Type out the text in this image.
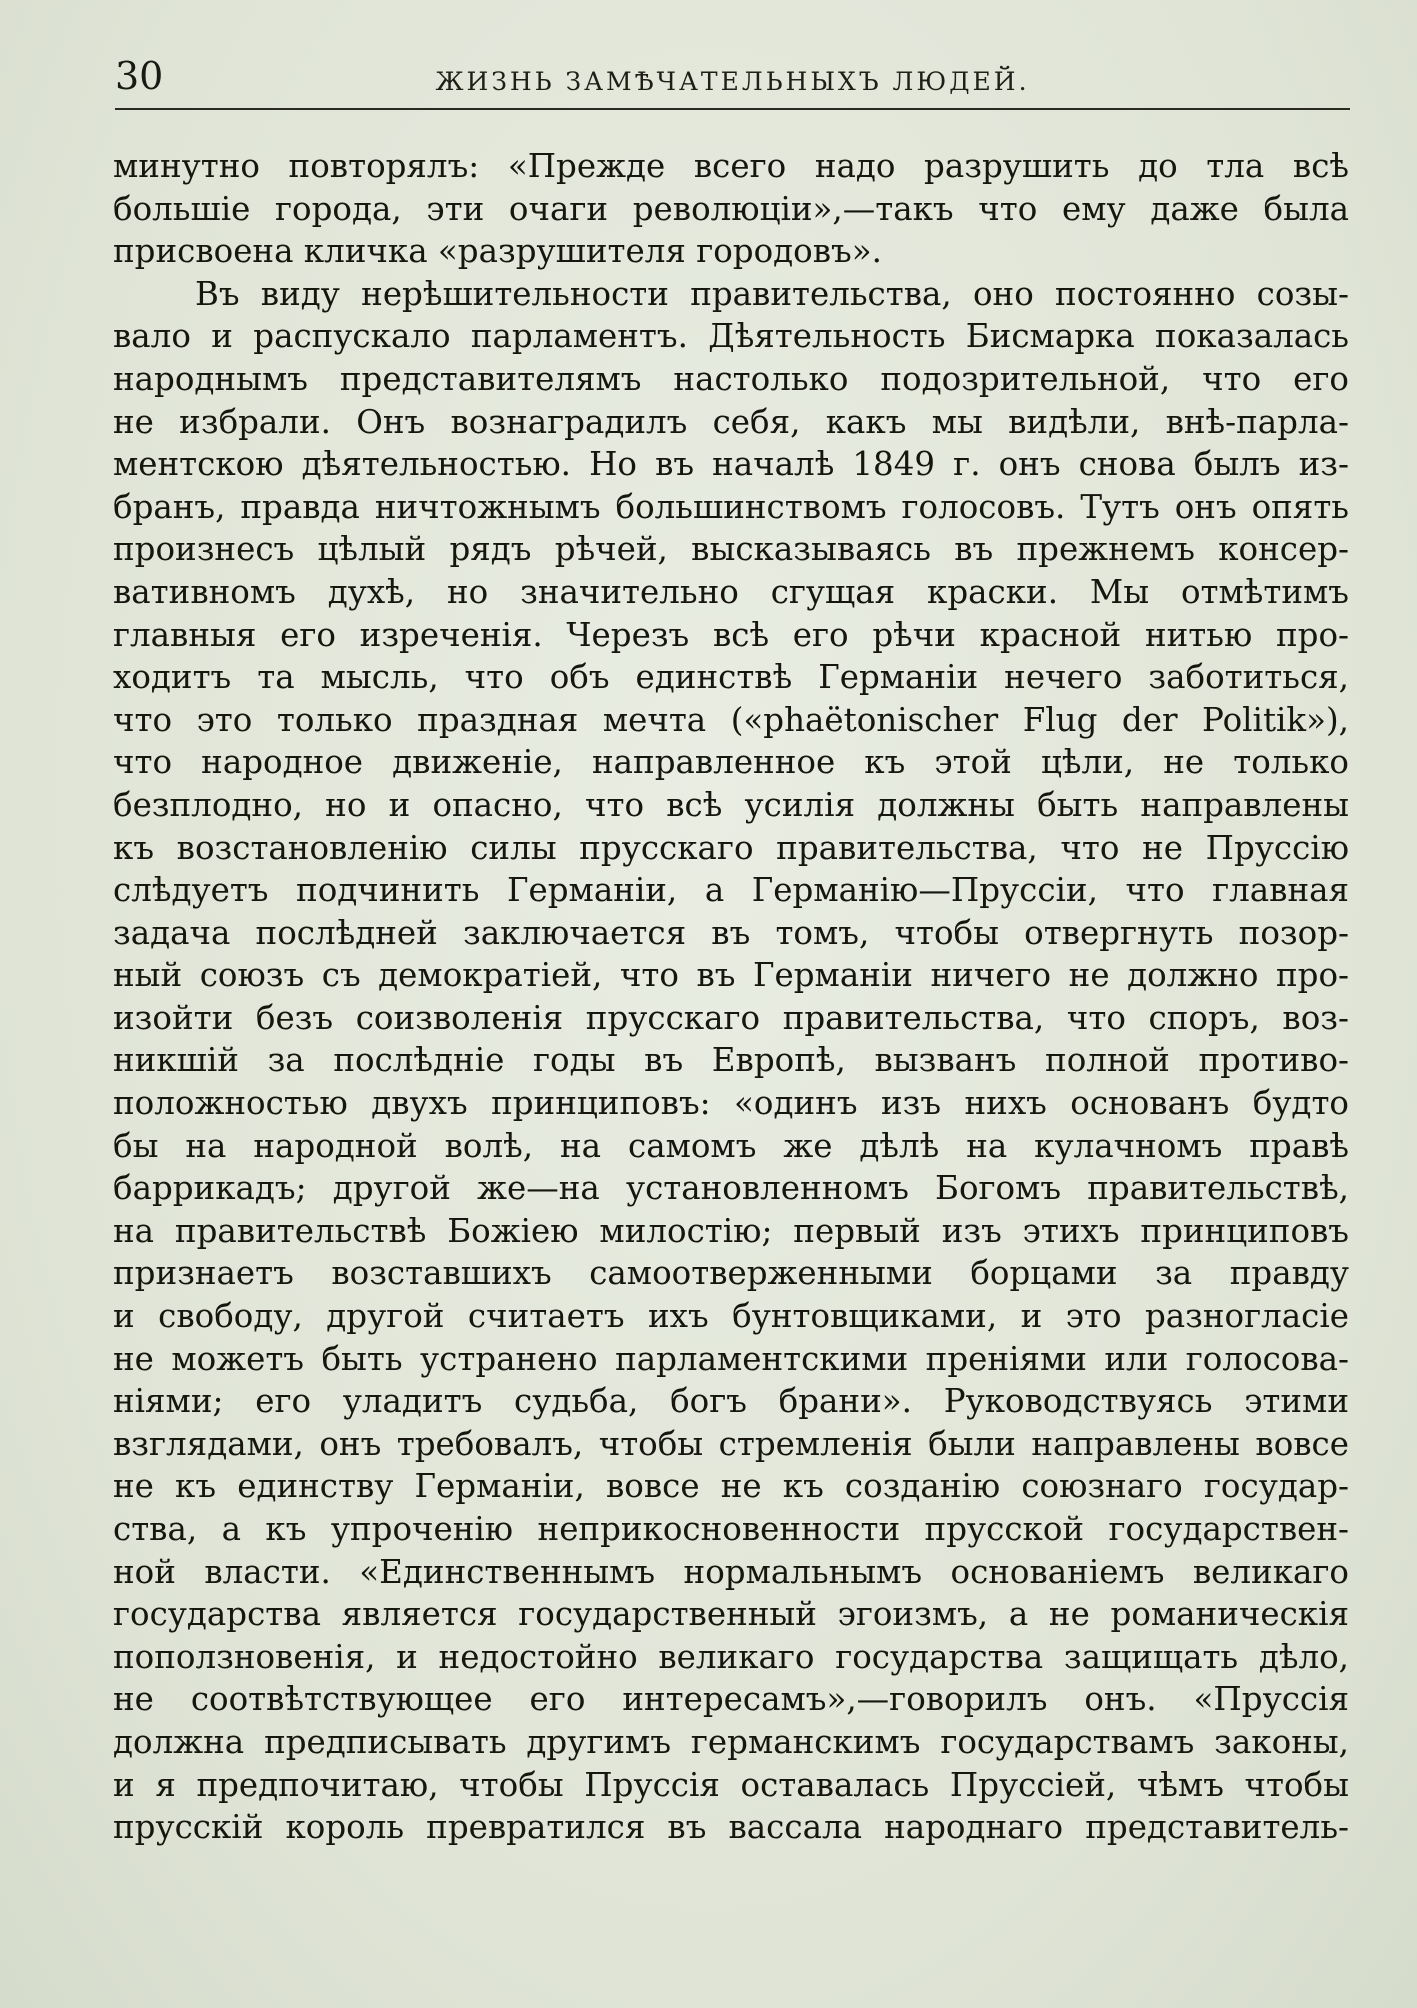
30	ЖИЗНЬ ЗАМѢЧАТЕЛЬНЫХЪ ЛЮДЕЙ.
минутно повторялъ: «Прежде всего надо разрушить до тла всѣ
большіе города, эти очаги революціи»,—такъ что ему даже была
присвоена кличка «разрушителя городовъ».
Въ виду нерѣшительности правительства, оно постоянно созы-
вало и распускало парламентъ. Дѣятельность Бисмарка показалась
народнымъ представителямъ настолько подозрительной, что его
не избрали. Онъ вознаградилъ себя, какъ мы видѣли, внѣ-парла-
ментскою дѣятельностью. Но въ началѣ 1849 г. онъ снова былъ из-
бранъ, правда ничтожнымъ большинствомъ голосовъ. Тутъ онъ опять
произнесъ цѣлый рядъ рѣчей, высказываясь въ прежнемъ консер-
вативномъ духѣ, но значительно сгущая краски. Мы отмѣтимъ
главныя его изреченія. Черезъ всѣ его рѣчи красной нитью про-
ходитъ та мысль, что объ единствѣ Германіи нечего заботиться,
что это только праздная мечта («phaëtonischer Flug der Politik»),
что народное движеніе, направленное къ этой цѣли, не только
безплодно, но и опасно, что всѣ усилія должны быть направлены
къ возстановленію силы прусскаго правительства, что не Пруссію
слѣдуетъ подчинить Германіи, а Германію—Пруссіи, что главная
задача послѣдней заключается въ томъ, чтобы отвергнуть позор-
ный союзъ съ демократіей, что въ Германіи ничего не должно про-
изойти безъ соизволенія прусскаго правительства, что споръ, воз-
никшій за послѣдніе годы въ Европѣ, вызванъ полной противо-
положностью двухъ принциповъ: «одинъ изъ нихъ основанъ будто
бы на народной волѣ, на самомъ же дѣлѣ на кулачномъ правѣ
баррикадъ; другой же—на установленномъ Богомъ правительствѣ,
на правительствѣ Божіею милостію; первый изъ этихъ принциповъ
признаетъ возставшихъ самоотверженными борцами за правду
и свободу, другой считаетъ ихъ бунтовщиками, и это разногласіе
не можетъ быть устранено парламентскими преніями или голосова-
ніями; его уладитъ судьба, богъ брани». Руководствуясь этими
взглядами, онъ требовалъ, чтобы стремленія были направлены вовсе
не къ единству Германіи, вовсе не къ созданію союзнаго государ-
ства, а къ упроченію неприкосновенности прусской государствен-
ной власти. «Единственнымъ нормальнымъ основаніемъ великаго
государства является государственный эгоизмъ, а не романическія
поползновенія, и недостойно великаго государства защищать дѣло,
не соотвѣтствующее его интересамъ»,—говорилъ онъ. «Пруссія
должна предписывать другимъ германскимъ государствамъ законы,
и я предпочитаю, чтобы Пруссія оставалась Пруссіей, чѣмъ чтобы
прусскій король превратился въ вассала народнаго представитель-
